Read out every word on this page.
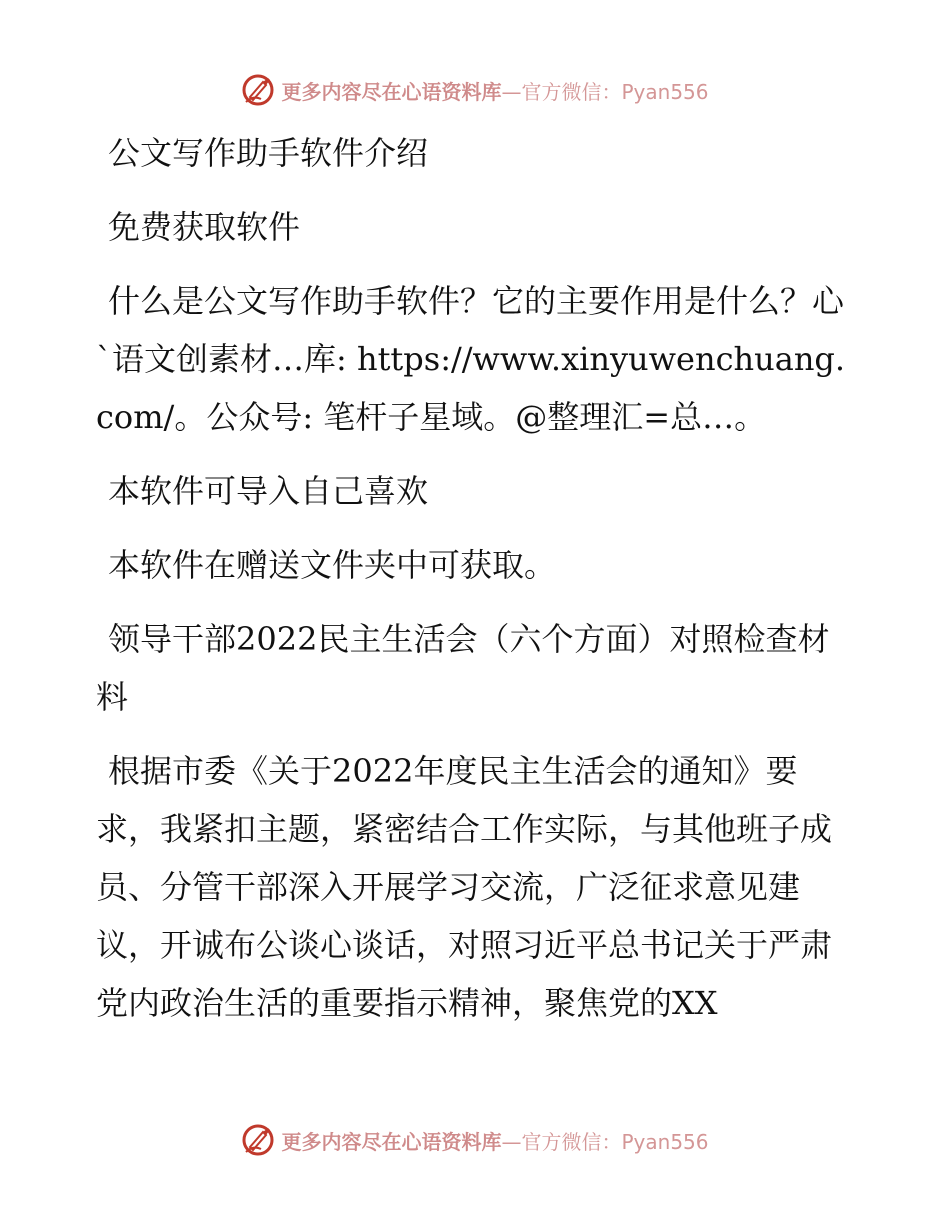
更多内容尽在心语资料库—官方微信：Pyan556

公文写作助手软件介绍

免费获取软件

什么是公文写作助手软件？它的主要作用是什么？心`语文创素材…库: https://www.xinyuwenchuang.com/。公众号: 笔杆子星域。@整理汇=总…。

本软件可导入自己喜欢

本软件在赠送文件夹中可获取。

领导干部2022民主生活会（六个方面）对照检查材料

根据市委《关于2022年度民主生活会的通知》要求，我紧扣主题，紧密结合工作实际，与其他班子成员、分管干部深入开展学习交流，广泛征求意见建议，开诚布公谈心谈话，对照习近平总书记关于严肃党内政治生活的重要指示精神，聚焦党的XX

更多内容尽在心语资料库—官方微信：Pyan556
